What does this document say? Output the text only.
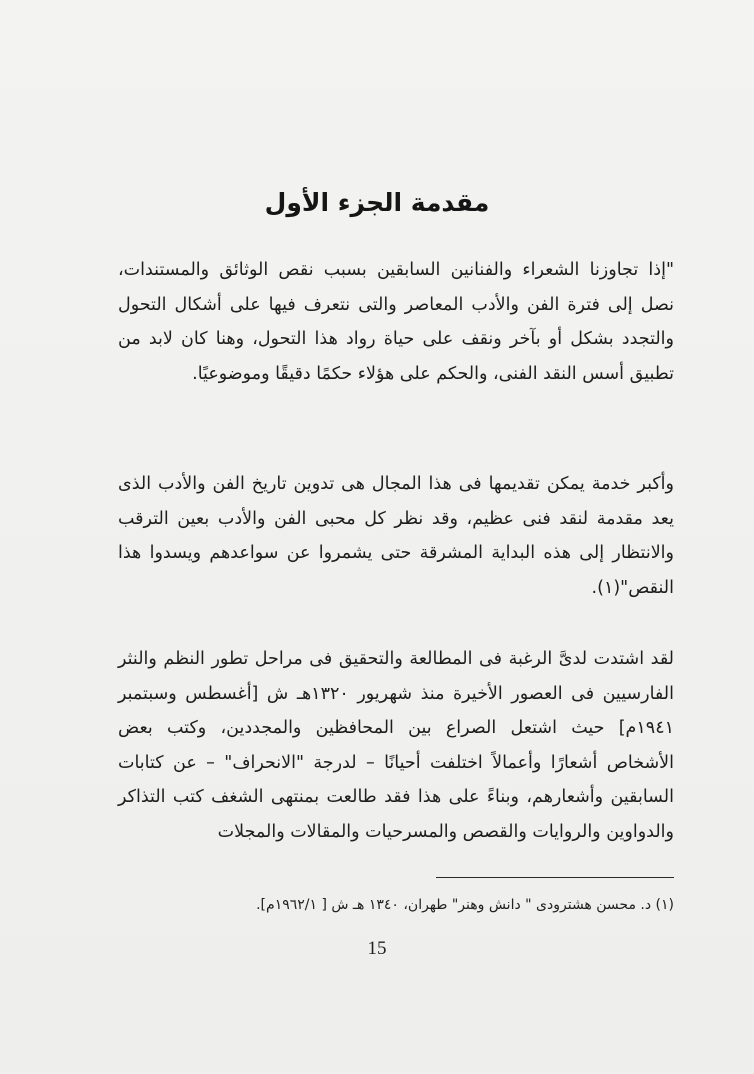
مقدمة الجزء الأول

"إذا تجاوزنا الشعراء والفنانين السابقين بسبب نقص الوثائق والمستندات، نصل إلى فترة الفن والأدب المعاصر والتى نتعرف فيها على أشكال التحول والتجدد بشكل أو بآخر ونقف على حياة رواد هذا التحول، وهنا كان لابد من تطبيق أسس النقد الفنى، والحكم على هؤلاء حكمًا دقيقًا وموضوعيًا.

وأكبر خدمة يمكن تقديمها فى هذا المجال هى تدوين تاريخ الفن والأدب الذى يعد مقدمة لنقد فنى عظيم، وقد نظر كل محبى الفن والأدب بعين الترقب والانتظار إلى هذه البداية المشرقة حتى يشمروا عن سواعدهم ويسدوا هذا النقص"(١).

لقد اشتدت لدىَّ الرغبة فى المطالعة والتحقيق فى مراحل تطور النظم والنثر الفارسيين فى العصور الأخيرة منذ شهريور ١٣٢٠هـ ش [أغسطس وسبتمبر ١٩٤١م] حيث اشتعل الصراع بين المحافظين والمجددين، وكتب بعض الأشخاص أشعارًا وأعمالاً اختلفت أحيانًا – لدرجة "الانحراف" – عن كتابات السابقين وأشعارهم، وبناءً على هذا فقد طالعت بمنتهى الشغف كتب التذاكر والدواوين والروايات والقصص والمسرحيات والمقالات والمجلات

(١) د. محسن هشترودى " دانش وهنر" طهران، ١٣٤٠ هـ ش [ ١٩٦٢/١م].
15
